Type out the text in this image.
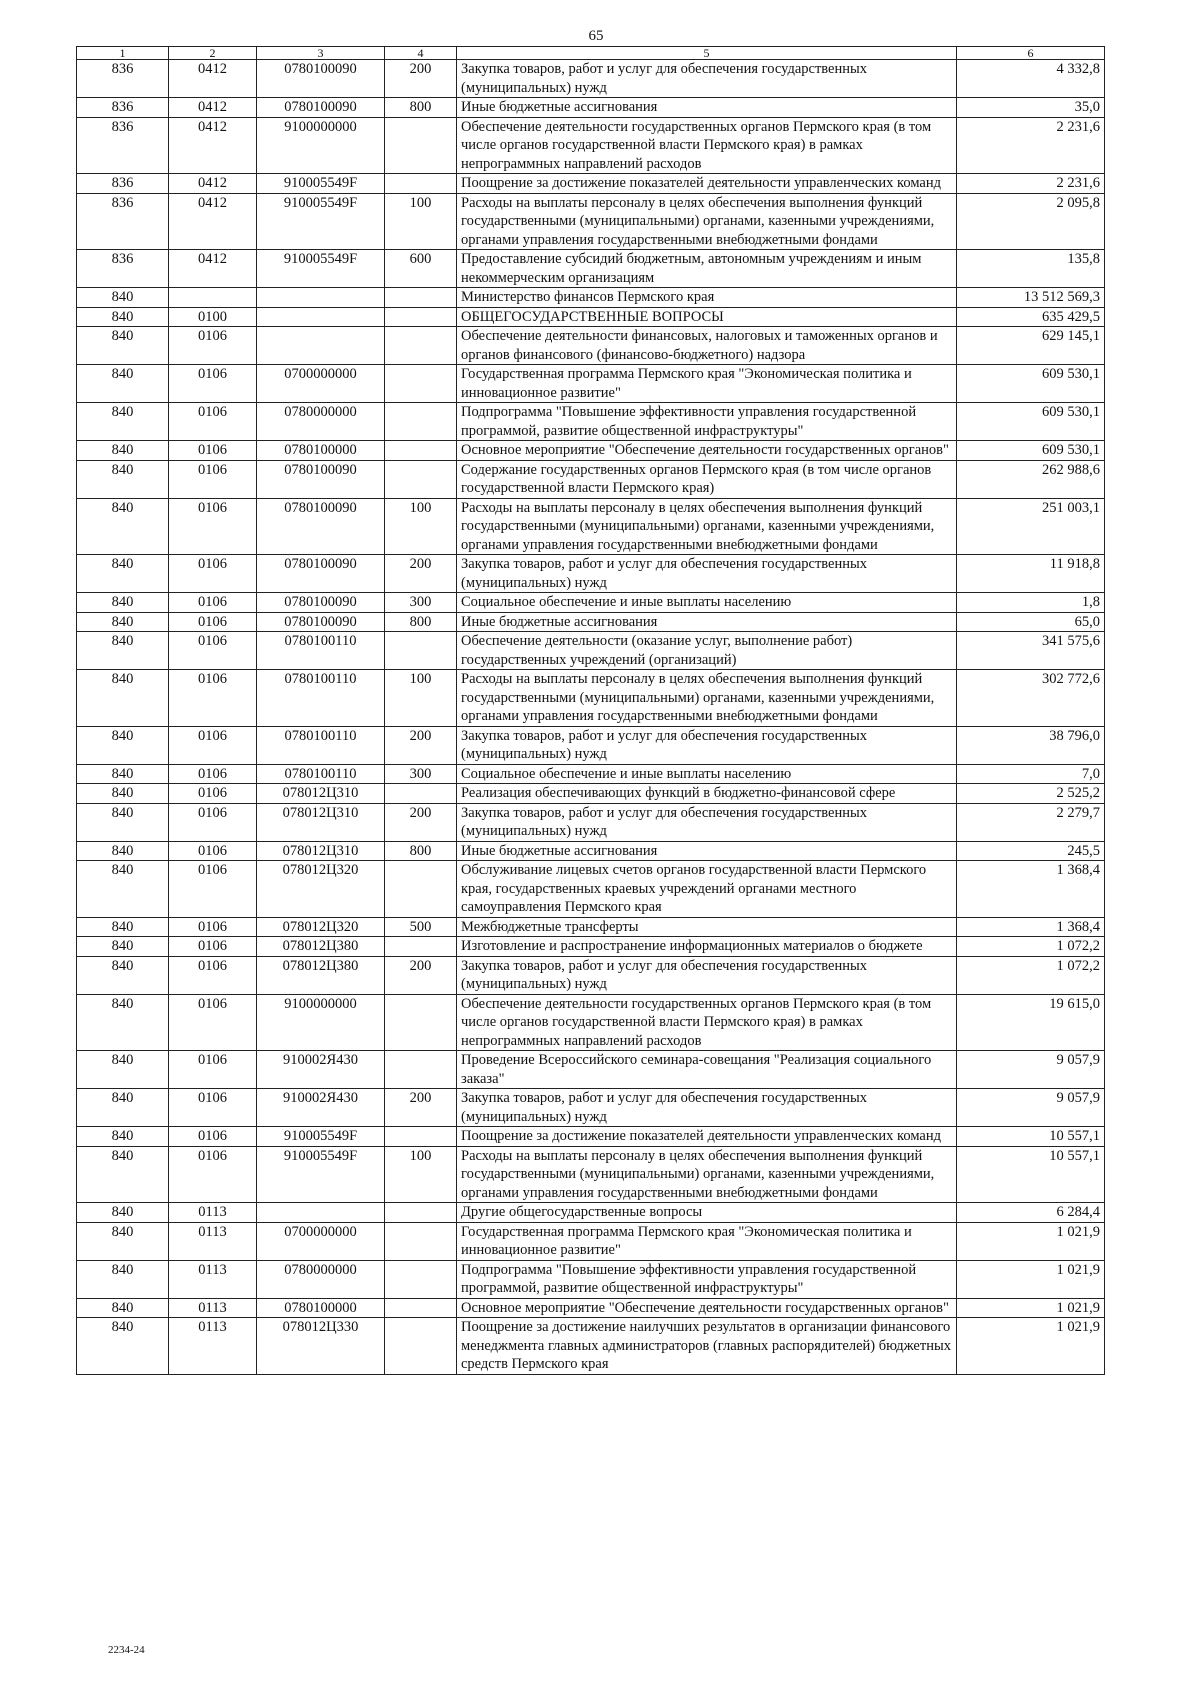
65
1	2	3	4	5	6
836	0412	0780100090	200	Закупка товаров, работ и услуг для обеспечения государственных (муниципальных) нужд	4 332,8
836	0412	0780100090	800	Иные бюджетные ассигнования	35,0
836	0412	9100000000		Обеспечение деятельности государственных органов Пермского края (в том числе органов государственной власти Пермского края) в рамках непрограммных направлений расходов	2 231,6
836	0412	910005549F		Поощрение за достижение показателей деятельности управленческих команд	2 231,6
836	0412	910005549F	100	Расходы на выплаты персоналу в целях обеспечения выполнения функций государственными (муниципальными) органами, казенными учреждениями, органами управления государственными внебюджетными фондами	2 095,8
836	0412	910005549F	600	Предоставление субсидий бюджетным, автономным учреждениям и иным некоммерческим организациям	135,8
840				Министерство финансов Пермского края	13 512 569,3
840	0100			ОБЩЕГОСУДАРСТВЕННЫЕ ВОПРОСЫ	635 429,5
840	0106			Обеспечение деятельности финансовых, налоговых и таможенных органов и органов финансового (финансово-бюджетного) надзора	629 145,1
840	0106	0700000000		Государственная программа Пермского края "Экономическая политика и инновационное развитие"	609 530,1
840	0106	0780000000		Подпрограмма "Повышение эффективности управления государственной программой, развитие общественной инфраструктуры"	609 530,1
840	0106	0780100000		Основное мероприятие "Обеспечение деятельности государственных органов"	609 530,1
840	0106	0780100090		Содержание государственных органов Пермского края (в том числе органов государственной власти Пермского края)	262 988,6
840	0106	0780100090	100	Расходы на выплаты персоналу в целях обеспечения выполнения функций государственными (муниципальными) органами, казенными учреждениями, органами управления государственными внебюджетными фондами	251 003,1
840	0106	0780100090	200	Закупка товаров, работ и услуг для обеспечения государственных (муниципальных) нужд	11 918,8
840	0106	0780100090	300	Социальное обеспечение и иные выплаты населению	1,8
840	0106	0780100090	800	Иные бюджетные ассигнования	65,0
840	0106	0780100110		Обеспечение деятельности (оказание услуг, выполнение работ) государственных учреждений (организаций)	341 575,6
840	0106	0780100110	100	Расходы на выплаты персоналу в целях обеспечения выполнения функций государственными (муниципальными) органами, казенными учреждениями, органами управления государственными внебюджетными фондами	302 772,6
840	0106	0780100110	200	Закупка товаров, работ и услуг для обеспечения государственных (муниципальных) нужд	38 796,0
840	0106	0780100110	300	Социальное обеспечение и иные выплаты населению	7,0
840	0106	078012Ц310		Реализация обеспечивающих функций в бюджетно-финансовой сфере	2 525,2
840	0106	078012Ц310	200	Закупка товаров, работ и услуг для обеспечения государственных (муниципальных) нужд	2 279,7
840	0106	078012Ц310	800	Иные бюджетные ассигнования	245,5
840	0106	078012Ц320		Обслуживание лицевых счетов органов государственной власти Пермского края, государственных краевых учреждений органами местного самоуправления Пермского края	1 368,4
840	0106	078012Ц320	500	Межбюджетные трансферты	1 368,4
840	0106	078012Ц380		Изготовление и распространение информационных материалов о бюджете	1 072,2
840	0106	078012Ц380	200	Закупка товаров, работ и услуг для обеспечения государственных (муниципальных) нужд	1 072,2
840	0106	9100000000		Обеспечение деятельности государственных органов Пермского края (в том числе органов государственной власти Пермского края) в рамках непрограммных направлений расходов	19 615,0
840	0106	910002Я430		Проведение Всероссийского семинара-совещания "Реализация социального заказа"	9 057,9
840	0106	910002Я430	200	Закупка товаров, работ и услуг для обеспечения государственных (муниципальных) нужд	9 057,9
840	0106	910005549F		Поощрение за достижение показателей деятельности управленческих команд	10 557,1
840	0106	910005549F	100	Расходы на выплаты персоналу в целях обеспечения выполнения функций государственными (муниципальными) органами, казенными учреждениями, органами управления государственными внебюджетными фондами	10 557,1
840	0113			Другие общегосударственные вопросы	6 284,4
840	0113	0700000000		Государственная программа Пермского края "Экономическая политика и инновационное развитие"	1 021,9
840	0113	0780000000		Подпрограмма "Повышение эффективности управления государственной программой, развитие общественной инфраструктуры"	1 021,9
840	0113	0780100000		Основное мероприятие "Обеспечение деятельности государственных органов"	1 021,9
840	0113	078012Ц330		Поощрение за достижение наилучших результатов в организации финансового менеджмента главных администраторов (главных распорядителей) бюджетных средств Пермского края	1 021,9
2234-24
